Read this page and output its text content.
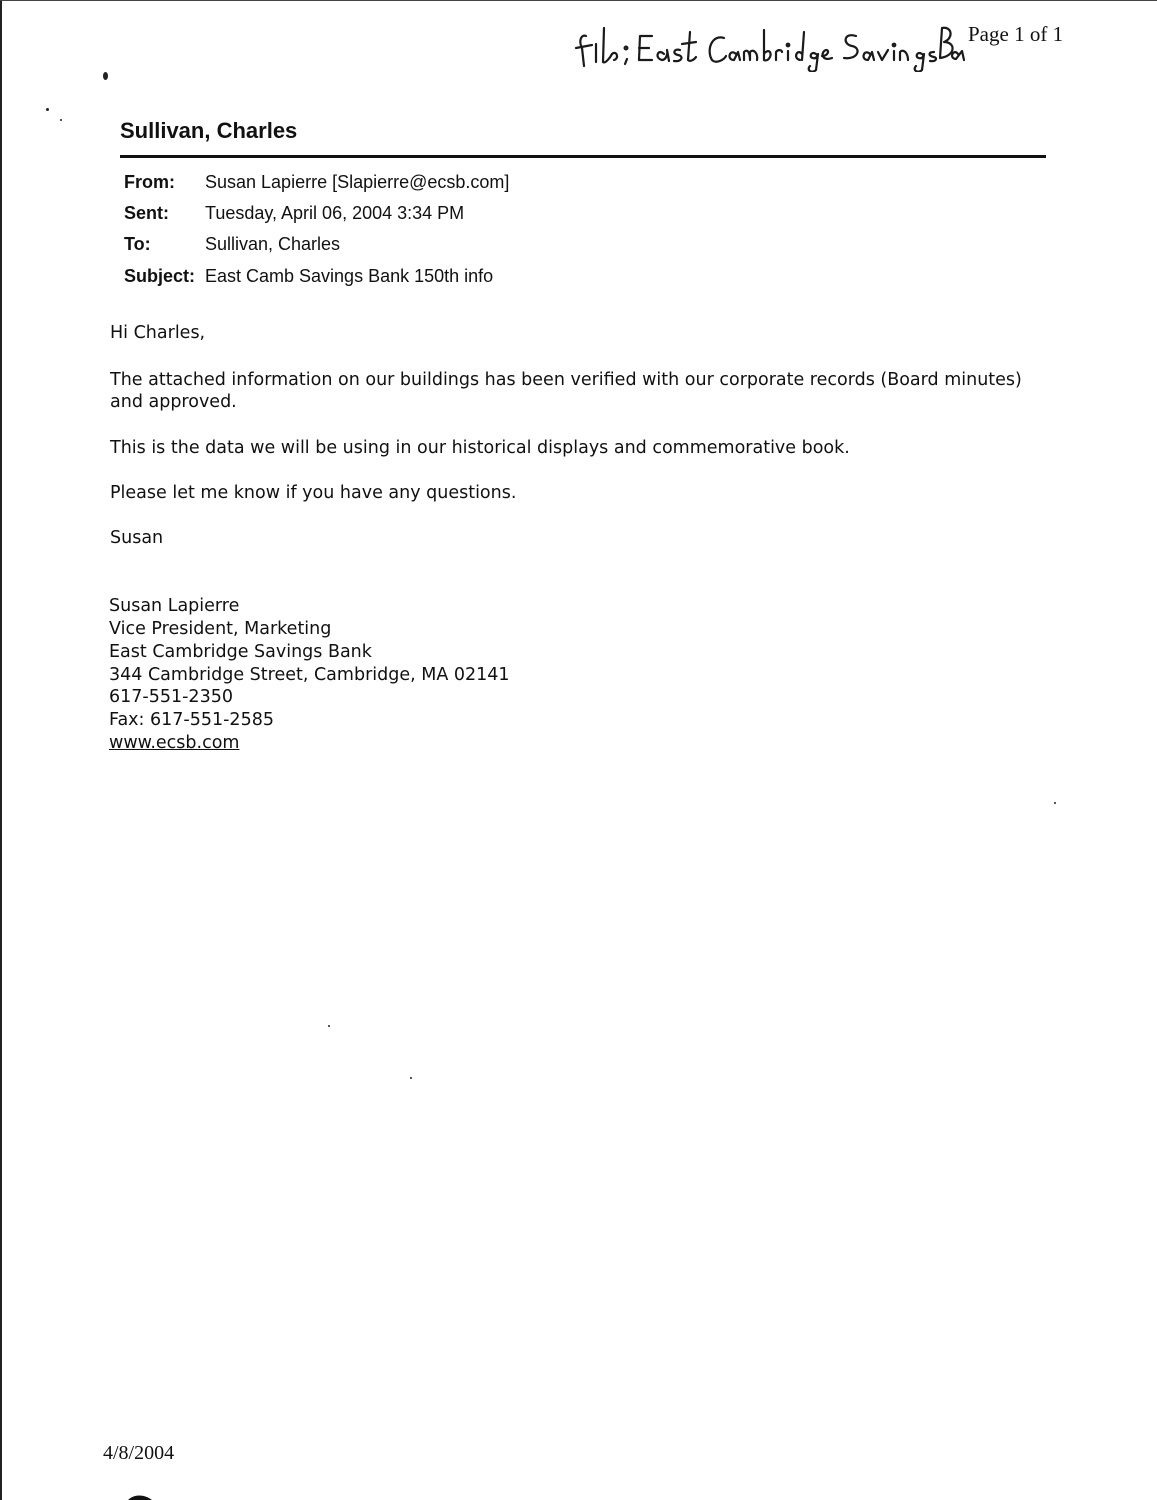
Page 1 of 1
Sullivan, Charles
From: Susan Lapierre [Slapierre@ecsb.com]
Sent: Tuesday, April 06, 2004 3:34 PM
To:	Sullivan, Charles
Subject: East Camb Savings Bank 150th info
Hi Charles,
The attached information on our buildings has been verified with our corporate records (Board minutes) and approved.
This is the data we will be using in our historical displays and commemorative book.
Please let me know if you have any questions.
Susan
Susan Lapierre
Vice President, Marketing
East Cambridge Savings Bank
344 Cambridge Street, Cambridge, MA 02141
617-551-2350
Fax: 617-551-2585
www.ecsb.com
4/8/2004
